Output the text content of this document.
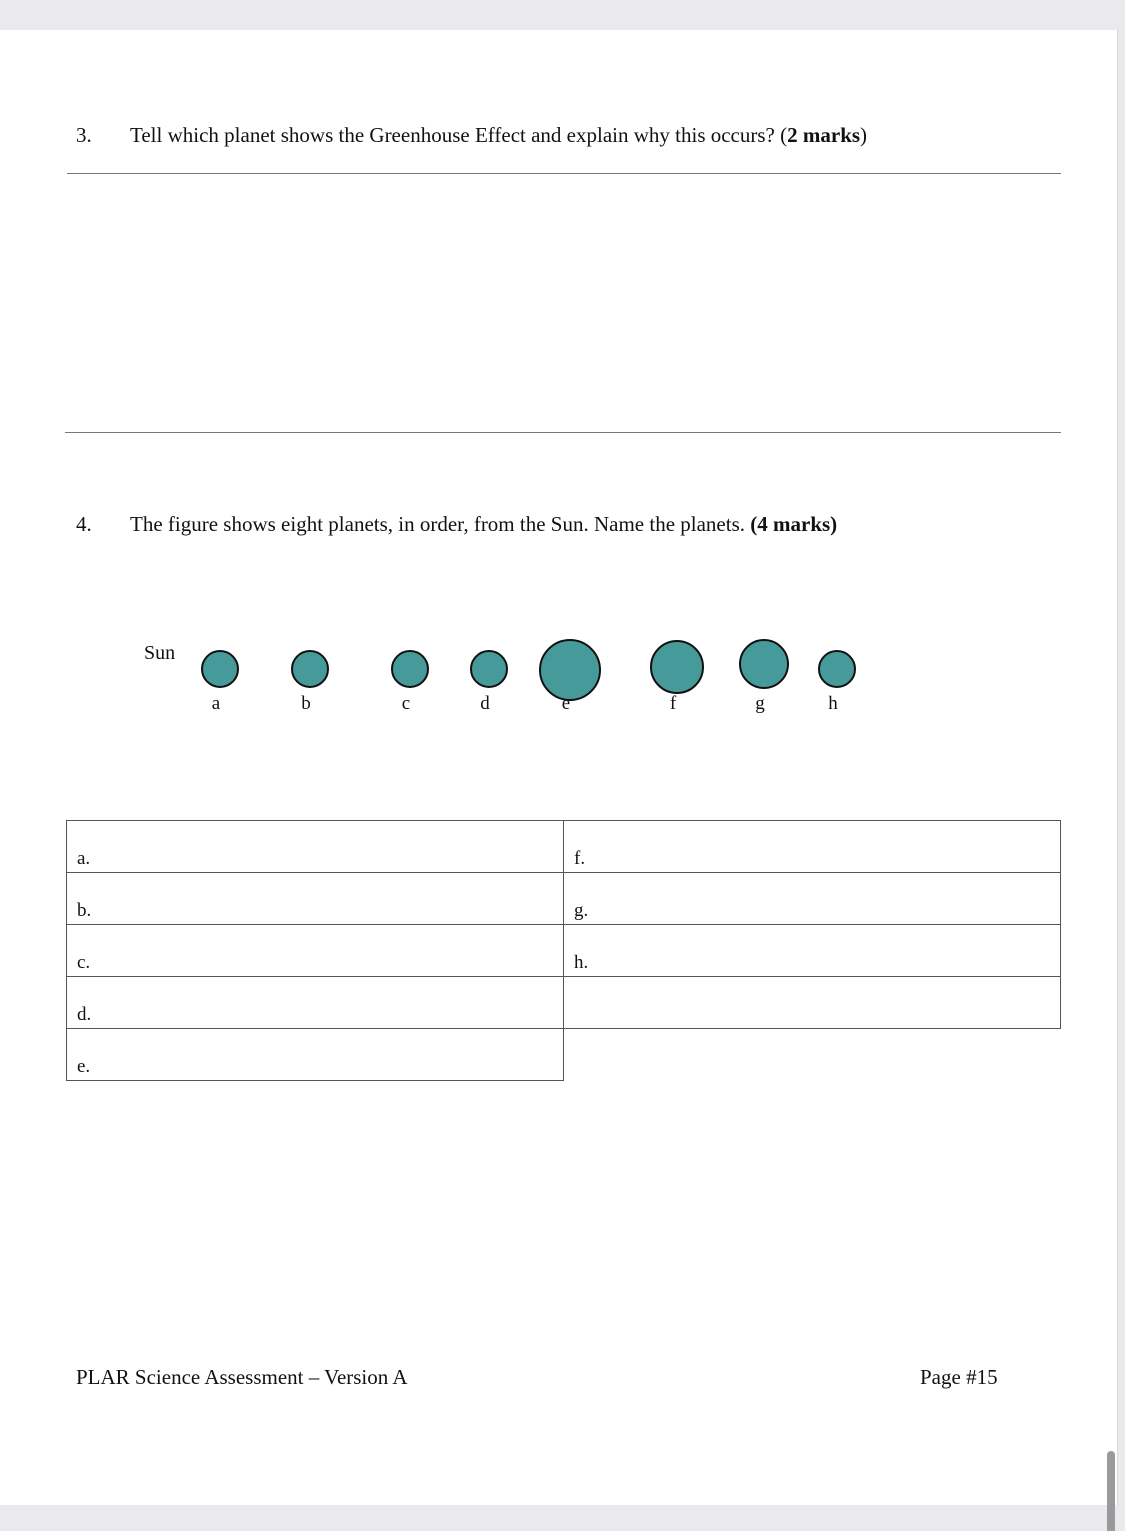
3. Tell which planet shows the Greenhouse Effect and explain why this occurs? (2 marks)
4. The figure shows eight planets, in order, from the Sun. Name the planets. (4 marks)
Sun
a	b	c	d	e	f	g	h
a.	f.
b.	g.
c.	h.
d.	
e.	
PLAR Science Assessment – Version A	Page #15
